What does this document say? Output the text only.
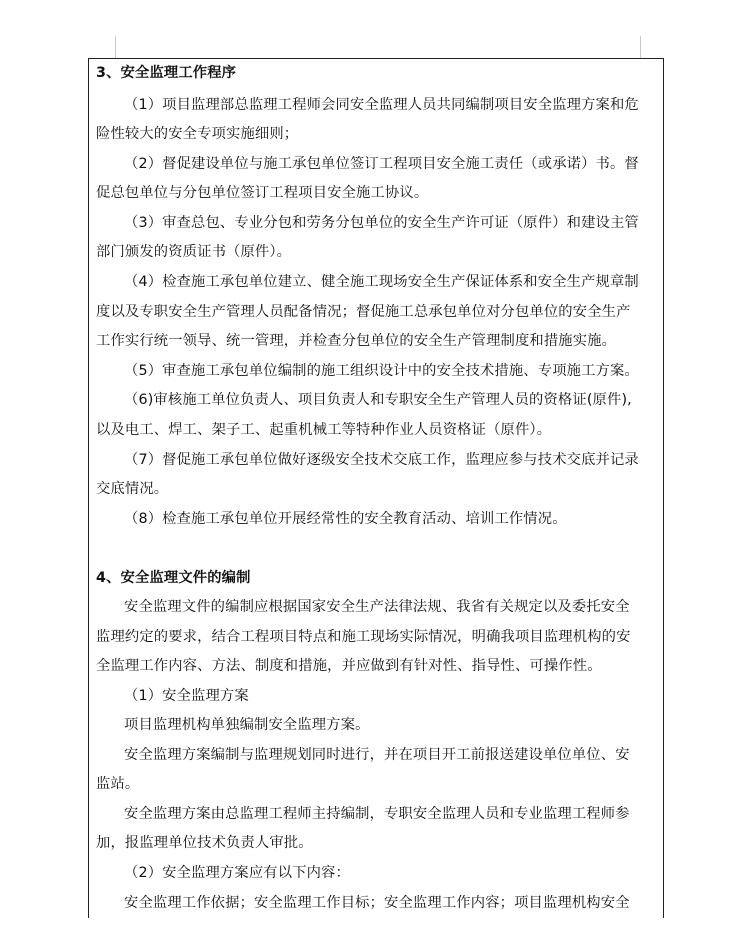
3、安全监理工作程序
（1）项目监理部总监理工程师会同安全监理人员共同编制项目安全监理方案和危
险性较大的安全专项实施细则；
（2）督促建设单位与施工承包单位签订工程项目安全施工责任（或承诺）书。督
促总包单位与分包单位签订工程项目安全施工协议。
（3）审查总包、专业分包和劳务分包单位的安全生产许可证（原件）和建设主管
部门颁发的资质证书（原件）。
（4）检查施工承包单位建立、健全施工现场安全生产保证体系和安全生产规章制
度以及专职安全生产管理人员配备情况；督促施工总承包单位对分包单位的安全生产
工作实行统一领导、统一管理，并检查分包单位的安全生产管理制度和措施实施。
（5）审查施工承包单位编制的施工组织设计中的安全技术措施、专项施工方案。
（6)审核施工单位负责人、项目负责人和专职安全生产管理人员的资格证(原件),
以及电工、焊工、架子工、起重机械工等特种作业人员资格证（原件）。
（7）督促施工承包单位做好逐级安全技术交底工作，监理应参与技术交底并记录
交底情况。
（8）检查施工承包单位开展经常性的安全教育活动、培训工作情况。
4、安全监理文件的编制
安全监理文件的编制应根据国家安全生产法律法规、我省有关规定以及委托安全
监理约定的要求，结合工程项目特点和施工现场实际情况，明确我项目监理机构的安
全监理工作内容、方法、制度和措施，并应做到有针对性、指导性、可操作性。
（1）安全监理方案
项目监理机构单独编制安全监理方案。
安全监理方案编制与监理规划同时进行，并在项目开工前报送建设单位单位、安
监站。
安全监理方案由总监理工程师主持编制，专职安全监理人员和专业监理工程师参
加，报监理单位技术负责人审批。
（2）安全监理方案应有以下内容：
安全监理工作依据；安全监理工作目标；安全监理工作内容；项目监理机构安全
